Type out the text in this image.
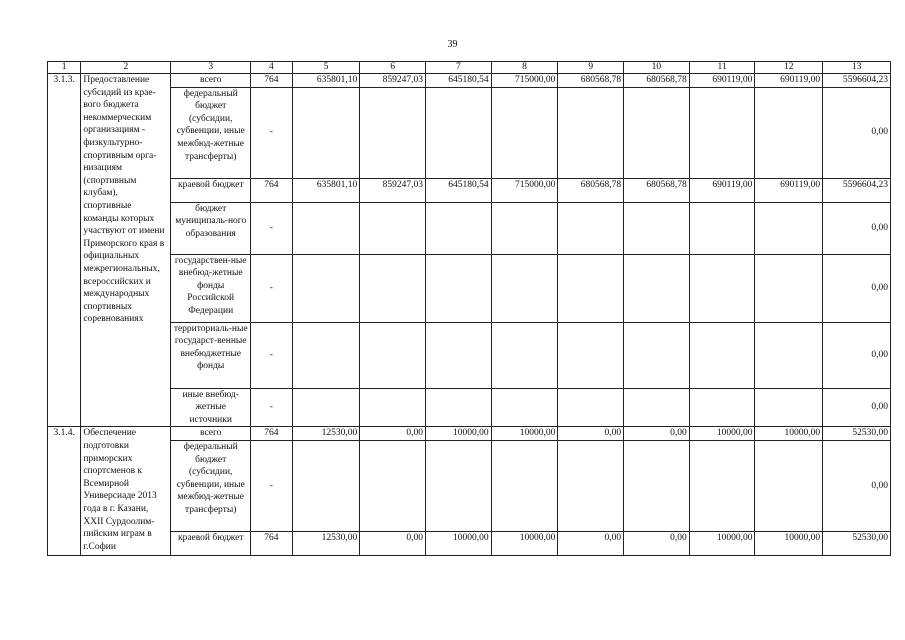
39
1	2	3	4	5	6	7	8	9	10	11	12	13
3.1.3.	Предоставление субсидий из крае-вого бюджета некоммерческим организациям - физкультурно-спортивным орга-низациям (спортивным клубам), спортивные команды которых участвуют от имени Приморского края в официальных межрегиональных, всероссийских и международных спортивных соревнованиях	всего	764	635801,10	859247,03	645180,54	715000,00	680568,78	680568,78	690119,00	690119,00	5596604,23
		федеральный бюджет (субсидии, субвенции, иные межбюд-жетные трансферты)	-									0,00
		краевой бюджет	764	635801,10	859247,03	645180,54	715000,00	680568,78	680568,78	690119,00	690119,00	5596604,23
		бюджет муниципаль-ного образования	-									0,00
		государствен-ные внебюд-жетные фонды Российской Федерации	-									0,00
		территориаль-ные государст-венные внебюджетные фонды	-									0,00
		иные внебюд-жетные источники	-									0,00
3.1.4.	Обеспечение подготовки приморских спортсменов к Всемирной Универсиаде 2013 года в г. Казани, XXII Сурдоолим-пийским играм в г.Софии	всего	764	12530,00	0,00	10000,00	10000,00	0,00	0,00	10000,00	10000,00	52530,00
		федеральный бюджет (субсидии, субвенции, иные межбюд-жетные трансферты)	-									0,00
		краевой бюджет	764	12530,00	0,00	10000,00	10000,00	0,00	0,00	10000,00	10000,00	52530,00
